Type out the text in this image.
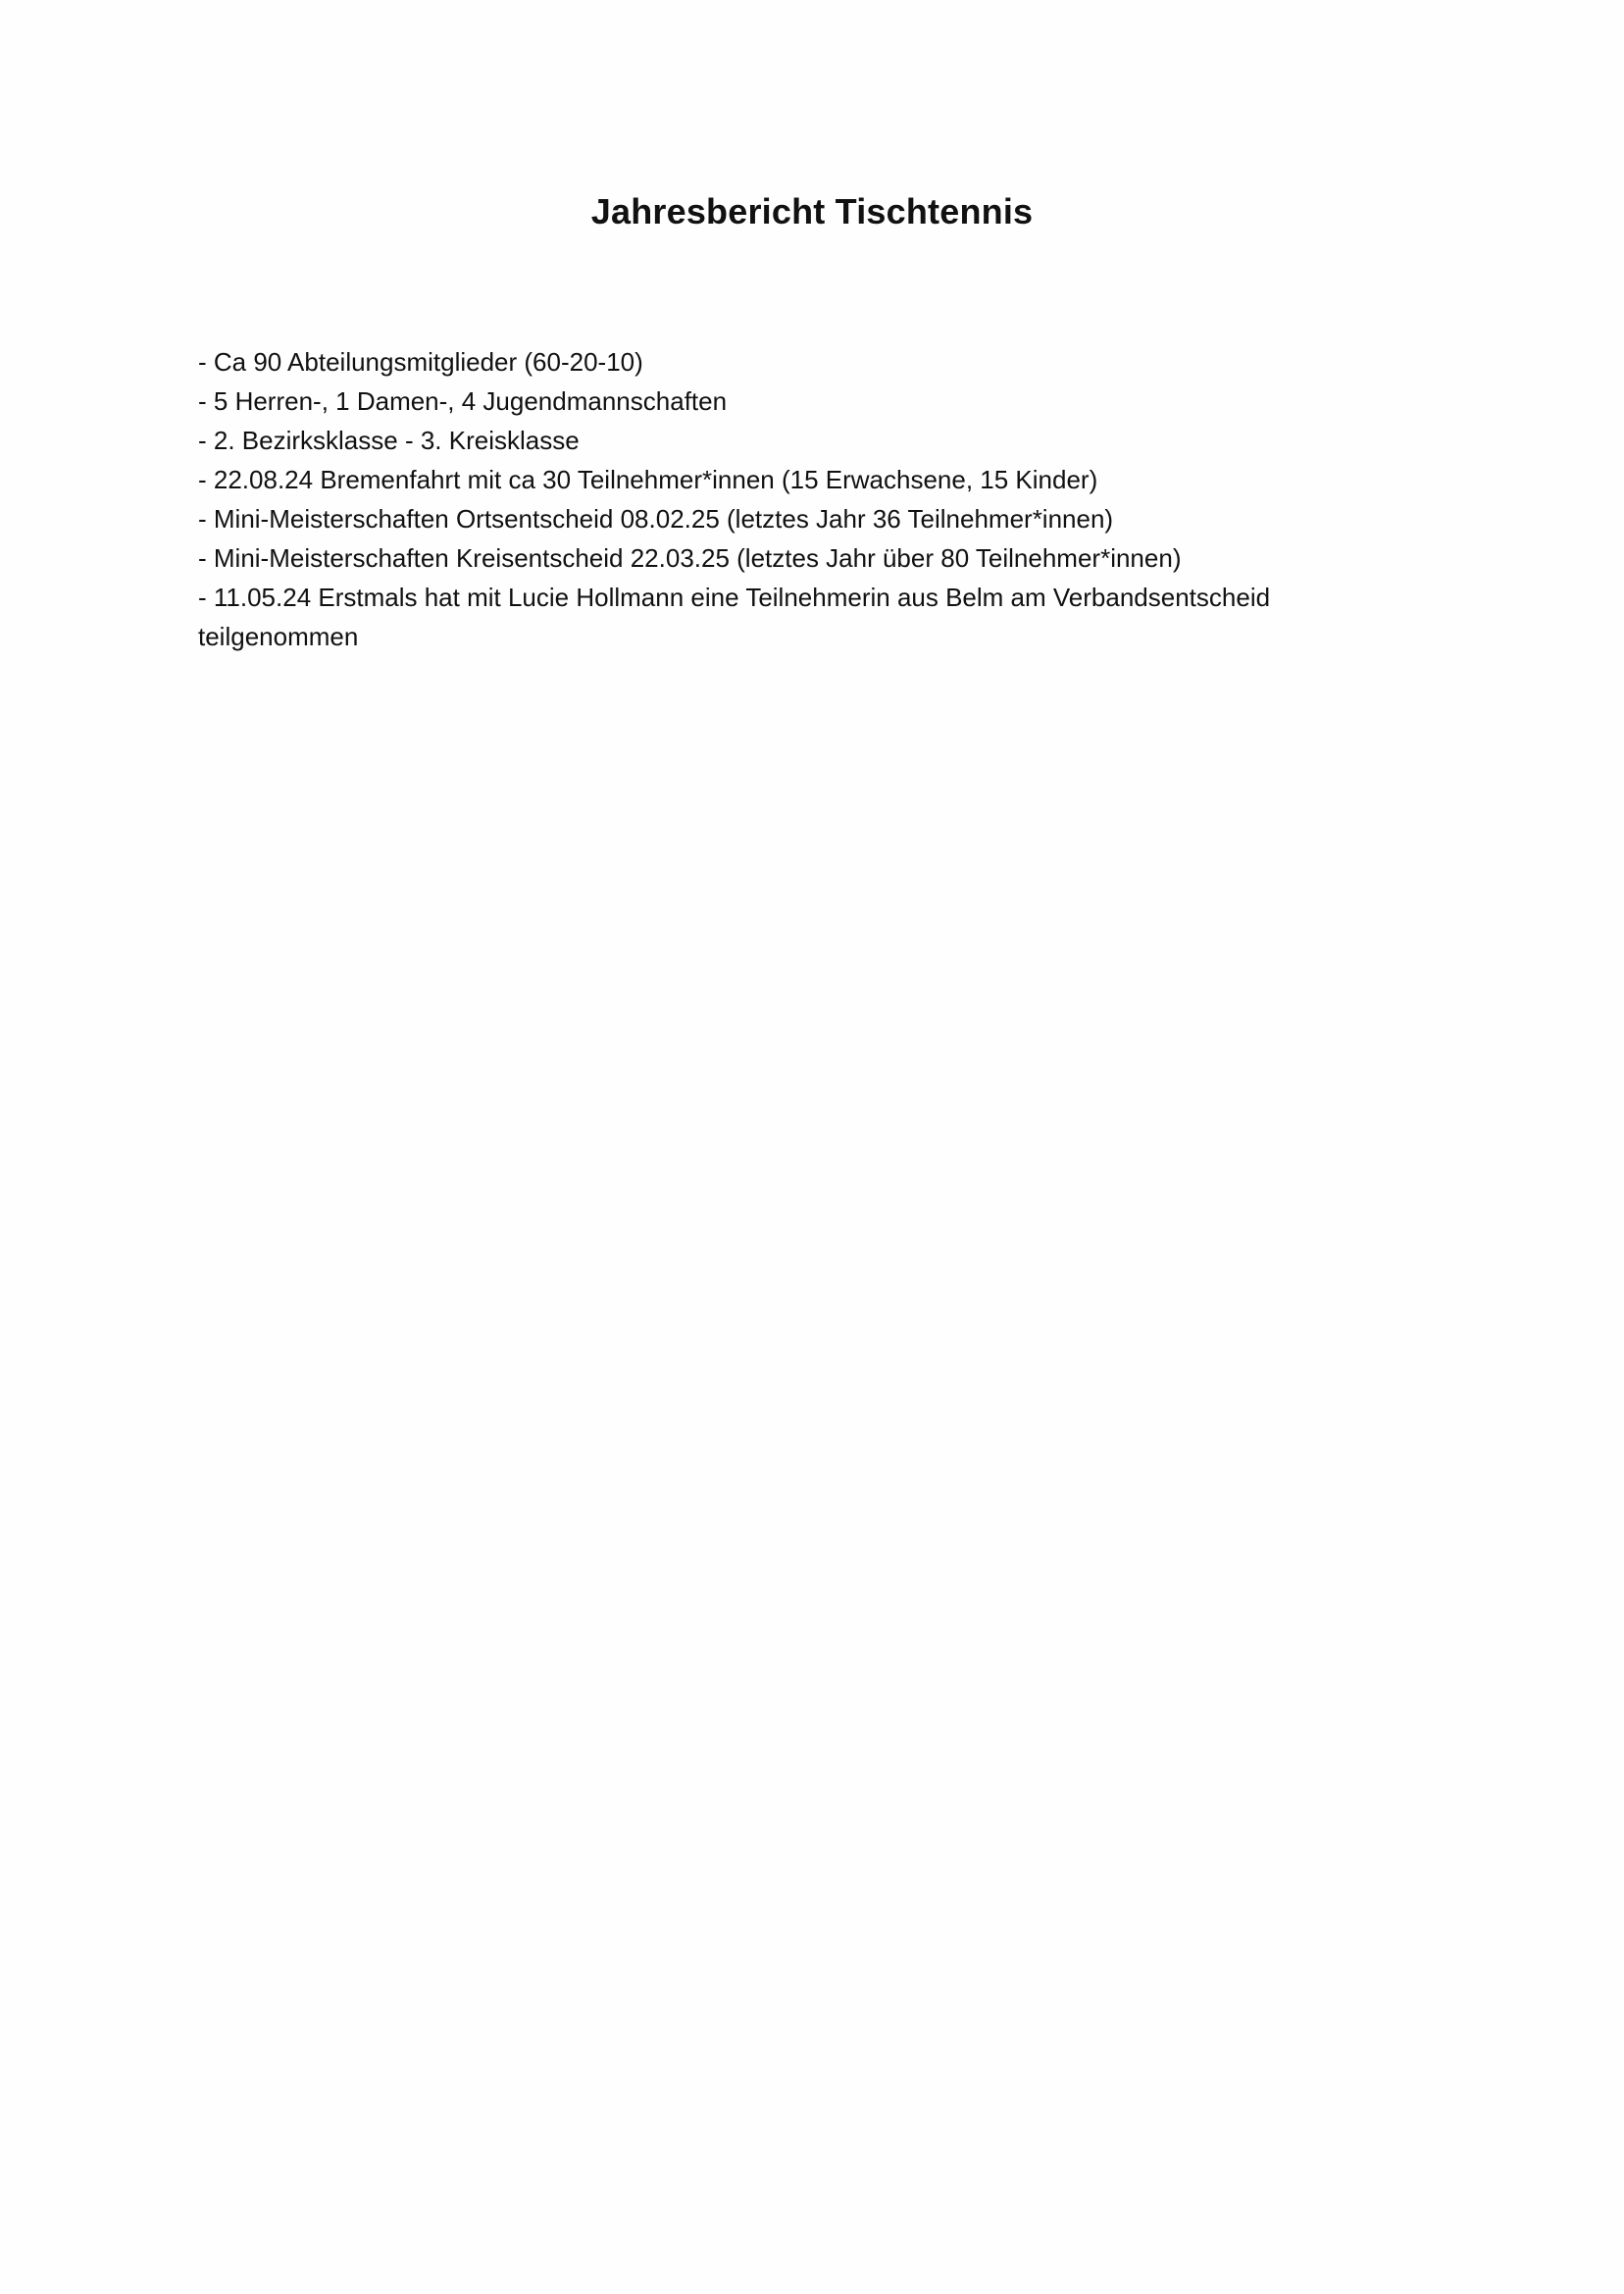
Jahresbericht Tischtennis
- Ca 90 Abteilungsmitglieder (60-20-10)
- 5 Herren-, 1 Damen-, 4 Jugendmannschaften
- 2. Bezirksklasse - 3. Kreisklasse
- 22.08.24 Bremenfahrt mit ca 30 Teilnehmer*innen (15 Erwachsene, 15 Kinder)
- Mini-Meisterschaften Ortsentscheid 08.02.25 (letztes Jahr 36 Teilnehmer*innen)
- Mini-Meisterschaften Kreisentscheid 22.03.25 (letztes Jahr über 80 Teilnehmer*innen)
- 11.05.24 Erstmals hat mit Lucie Hollmann eine Teilnehmerin aus Belm am Verbandsentscheid teilgenommen
